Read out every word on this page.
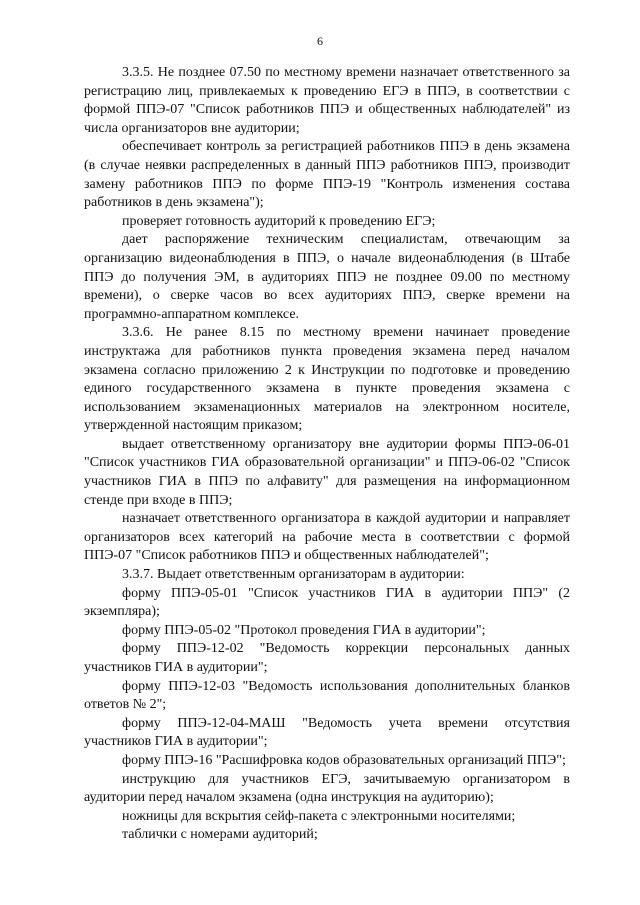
6

3.3.5. Не позднее 07.50 по местному времени назначает ответственного за регистрацию лиц, привлекаемых к проведению ЕГЭ в ППЭ, в соответствии с формой ППЭ-07 "Список работников ППЭ и общественных наблюдателей" из числа организаторов вне аудитории;

обеспечивает контроль за регистрацией работников ППЭ в день экзамена (в случае неявки распределенных в данный ППЭ работников ППЭ, производит замену работников ППЭ по форме ППЭ-19 "Контроль изменения состава работников в день экзамена");

проверяет готовность аудиторий к проведению ЕГЭ;

дает распоряжение техническим специалистам, отвечающим за организацию видеонаблюдения в ППЭ, о начале видеонаблюдения (в Штабе ППЭ до получения ЭМ, в аудиториях ППЭ не позднее 09.00 по местному времени), о сверке часов во всех аудиториях ППЭ, сверке времени на программно-аппаратном комплексе.

3.3.6. Не ранее 8.15 по местному времени начинает проведение инструктажа для работников пункта проведения экзамена перед началом экзамена согласно приложению 2 к Инструкции по подготовке и проведению единого государственного экзамена в пункте проведения экзамена с использованием экзаменационных материалов на электронном носителе, утвержденной настоящим приказом;

выдает ответственному организатору вне аудитории формы ППЭ-06-01 "Список участников ГИА образовательной организации" и ППЭ-06-02 "Список участников ГИА в ППЭ по алфавиту" для размещения на информационном стенде при входе в ППЭ;

назначает ответственного организатора в каждой аудитории и направляет организаторов всех категорий на рабочие места в соответствии с формой ППЭ-07 "Список работников ППЭ и общественных наблюдателей";

3.3.7. Выдает ответственным организаторам в аудитории:

форму ППЭ-05-01 "Список участников ГИА в аудитории ППЭ" (2 экземпляра);

форму ППЭ-05-02 "Протокол проведения ГИА в аудитории";

форму ППЭ-12-02 "Ведомость коррекции персональных данных участников ГИА в аудитории";

форму ППЭ-12-03 "Ведомость использования дополнительных бланков ответов № 2";

форму ППЭ-12-04-МАШ "Ведомость учета времени отсутствия участников ГИА в аудитории";

форму ППЭ-16 "Расшифровка кодов образовательных организаций ППЭ";

инструкцию для участников ЕГЭ, зачитываемую организатором в аудитории перед началом экзамена (одна инструкция на аудиторию);

ножницы для вскрытия сейф-пакета с электронными носителями;

таблички с номерами аудиторий;
